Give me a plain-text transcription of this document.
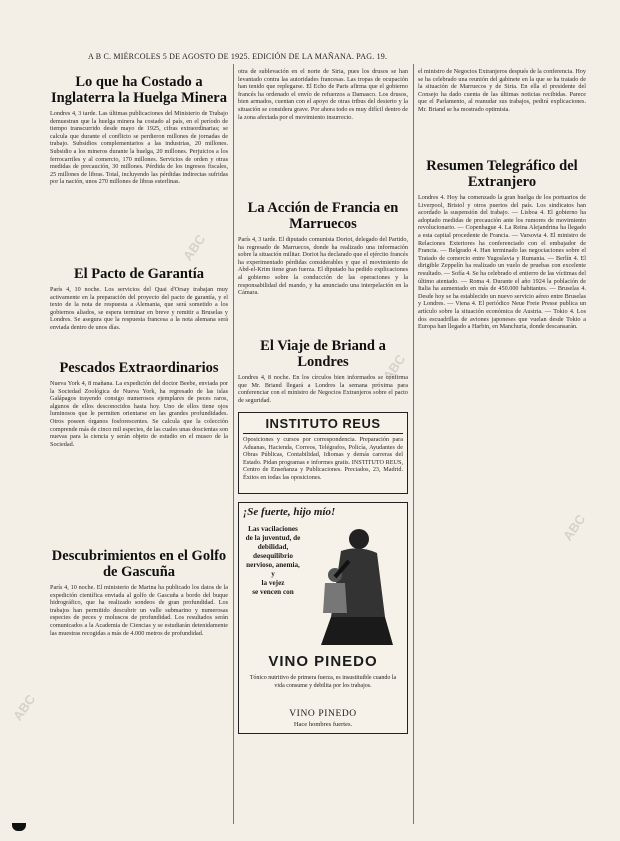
A B C. MIÉRCOLES 5 DE AGOSTO DE 1925. EDICIÓN DE LA MAÑANA. PAG. 19.
Lo que ha Costado a Inglaterra la Huelga Minera

Londres 4, 3 tarde. Las últimas publicaciones del Ministerio de Trabajo demuestran que la huelga minera ha costado al país, en el período de tiempo transcurrido desde mayo de 1925, cifras extraordinarias; se calcula que durante el conflicto se perdieron millones de jornadas de trabajo. Subsidios complementarios a las industrias, 20 millones. Subsidio a los mineros durante la huelga, 20 millones. Perjuicios a los ferrocarriles y al comercio, 170 millones. Servicios de orden y otras medidas de precaución, 30 millones. Pérdida de los ingresos fiscales, 25 millones de libras. Total, incluyendo las pérdidas indirectas sufridas por la nación, unos 270 millones de libras esterlinas.

El Pacto de Garantía

París 4, 10 noche. Los servicios del Quai d'Orsay trabajan muy activamente en la preparación del proyecto del pacto de garantía, y el texto de la nota de respuesta a Alemania, que será sometido a los gobiernos aliados, se espera terminar en breve y remitir a Bruselas y Londres. Se asegura que la respuesta francesa a la nota alemana será enviada dentro de unos días.

Pescados Extraordinarios

Nueva York 4, 8 mañana. La expedición del doctor Beebe, enviada por la Sociedad Zoológica de Nueva York, ha regresado de las islas Galápagos trayendo consigo numerosos ejemplares de peces raros, algunos de ellos desconocidos hasta hoy. Uno de ellos tiene ojos luminosos que le permiten orientarse en las grandes profundidades. Otros poseen órganos fosforescentes. Se calcula que la colección comprende más de cinco mil especies, de las cuales unas doscientas son nuevas para la ciencia y serán objeto de estudio en el museo de la Sociedad.

Descubrimientos en el Golfo de Gascuña

París 4, 10 noche. El ministerio de Marina ha publicado los datos de la expedición científica enviada al golfo de Gascuña a bordo del buque hidrográfico, que ha realizado sondeos de gran profundidad. Los trabajos han permitido descubrir un valle submarino y numerosas especies de peces y moluscos de profundidad. Los resultados serán comunicados a la Academia de Ciencias y se estudiarán detenidamente las muestras recogidas a más de 4.000 metros de profundidad.

otra de sublevación en el norte de Siria, pues los drusos se han levantado contra las autoridades francesas. Las tropas de ocupación han tenido que replegarse. El Echo de Paris afirma que el gobierno francés ha ordenado el envío de refuerzos a Damasco. Los drusos, bien armados, cuentan con el apoyo de otras tribus del desierto y la situación se considera grave. Por ahora todo es muy difícil dentro de la zona afectada por el movimiento insurrecto.

La Acción de Francia en Marruecos

París 4, 3 tarde. El diputado comunista Doriot, delegado del Partido, ha regresado de Marruecos, donde ha realizado una información sobre la situación militar. Doriot ha declarado que el ejército francés ha experimentado pérdidas considerables y que el movimiento de Abd-el-Krim tiene gran fuerza. El diputado ha pedido explicaciones al gobierno sobre la conducción de las operaciones y la responsabilidad del mando, y ha anunciado una interpelación en la Cámara.

El Viaje de Briand a Londres

Londres 4, 8 noche. En los círculos bien informados se confirma que Mr. Briand llegará a Londres la semana próxima para conferenciar con el ministro de Negocios Extranjeros sobre el pacto de seguridad.

INSTITUTO REUS

Oposiciones y cursos por correspondencia. Preparación para Aduanas, Hacienda, Correos, Telégrafos, Policía, Ayudantes de Obras Públicas, Contabilidad, Idiomas y demás carreras del Estado. Pidan programas e informes gratis. INSTITUTO REUS, Centro de Enseñanza y Publicaciones. Preciados, 23, Madrid. Éxitos en todas las oposiciones.

¡Se fuerte, hijo mío!
Las vacilaciones de la juventud, de
debilidad,
desequilibrio
nervioso, anemia, y
la vejez
se vencen con
VINO PINEDO
Tónico nutritivo de primera fuerza, es insustituible cuando la vida consume y debilita por los trabajos.
VINO PINEDO
Hace hombres fuertes.

el ministro de Negocios Extranjeros después de la conferencia. Hoy se ha celebrado una reunión del gabinete en la que se ha tratado de la situación de Marruecos y de Siria. En ella el presidente del Consejo ha dado cuenta de las últimas noticias recibidas. Parece que el Parlamento, al reanudar sus trabajos, pedirá explicaciones. Mr. Briand se ha mostrado optimista.

Resumen Telegráfico del Extranjero

Londres 4. Hoy ha comenzado la gran huelga de los portuarios de Liverpool, Bristol y otros puertos del país. Los sindicatos han acordado la suspensión del trabajo. — Lisboa 4. El gobierno ha adoptado medidas de precaución ante los rumores de movimiento revolucionario. — Copenhague 4. La Reina Alejandrina ha llegado a esta capital procedente de Francia. — Varsovia 4. El ministro de Relaciones Exteriores ha conferenciado con el embajador de Francia. — Belgrado 4. Han terminado las negociaciones sobre el Tratado de comercio entre Yugoslavia y Rumania. — Berlín 4. El dirigible Zeppelín ha realizado un vuelo de pruebas con excelente resultado. — Sofía 4. Se ha celebrado el entierro de las víctimas del último atentado. — Roma 4. Durante el año 1924 la población de Italia ha aumentado en más de 450.000 habitantes. — Bruselas 4. Desde hoy se ha establecido un nuevo servicio aéreo entre Bruselas y Londres. — Viena 4. El periódico Neue Freie Presse publica un artículo sobre la situación económica de Austria. — Tokio 4. Los dos escuadrillas de aviones japoneses que vuelan desde Tokio a Europa han llegado a Harbin, en Manchuria, donde descansarán.

ABC
ABC
ABC
ABC
